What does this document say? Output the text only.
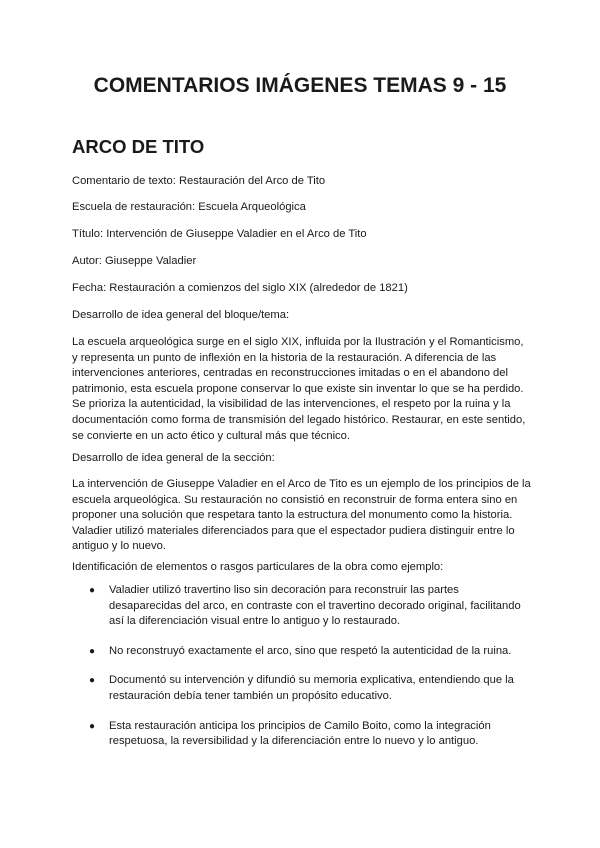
COMENTARIOS IMÁGENES TEMAS 9 - 15
ARCO DE TITO

Comentario de texto: Restauración del Arco de Tito

Escuela de restauración: Escuela Arqueológica

Título: Intervención de Giuseppe Valadier en el Arco de Tito

Autor: Giuseppe Valadier

Fecha: Restauración a comienzos del siglo XIX (alrededor de 1821)

Desarrollo de idea general del bloque/tema:

La escuela arqueológica surge en el siglo XIX, influida por la Ilustración y el Romanticismo, y representa un punto de inflexión en la historia de la restauración. A diferencia de las intervenciones anteriores, centradas en reconstrucciones imitadas o en el abandono del patrimonio, esta escuela propone conservar lo que existe sin inventar lo que se ha perdido. Se prioriza la autenticidad, la visibilidad de las intervenciones, el respeto por la ruina y la documentación como forma de transmisión del legado histórico. Restaurar, en este sentido, se convierte en un acto ético y cultural más que técnico.

Desarrollo de idea general de la sección:

La intervención de Giuseppe Valadier en el Arco de Tito es un ejemplo de los principios de la escuela arqueológica. Su restauración no consistió en reconstruir de forma entera sino en proponer una solución que respetara tanto la estructura del monumento como la historia. Valadier utilizó materiales diferenciados para que el espectador pudiera distinguir entre lo antiguo y lo nuevo.

Identificación de elementos o rasgos particulares de la obra como ejemplo:

● Valadier utilizó travertino liso sin decoración para reconstruir las partes desaparecidas del arco, en contraste con el travertino decorado original, facilitando así la diferenciación visual entre lo antiguo y lo restaurado.
● No reconstruyó exactamente el arco, sino que respetó la autenticidad de la ruina.
● Documentó su intervención y difundió su memoria explicativa, entendiendo que la restauración debía tener también un propósito educativo.
● Esta restauración anticipa los principios de Camilo Boito, como la integración respetuosa, la reversibilidad y la diferenciación entre lo nuevo y lo antiguo.
